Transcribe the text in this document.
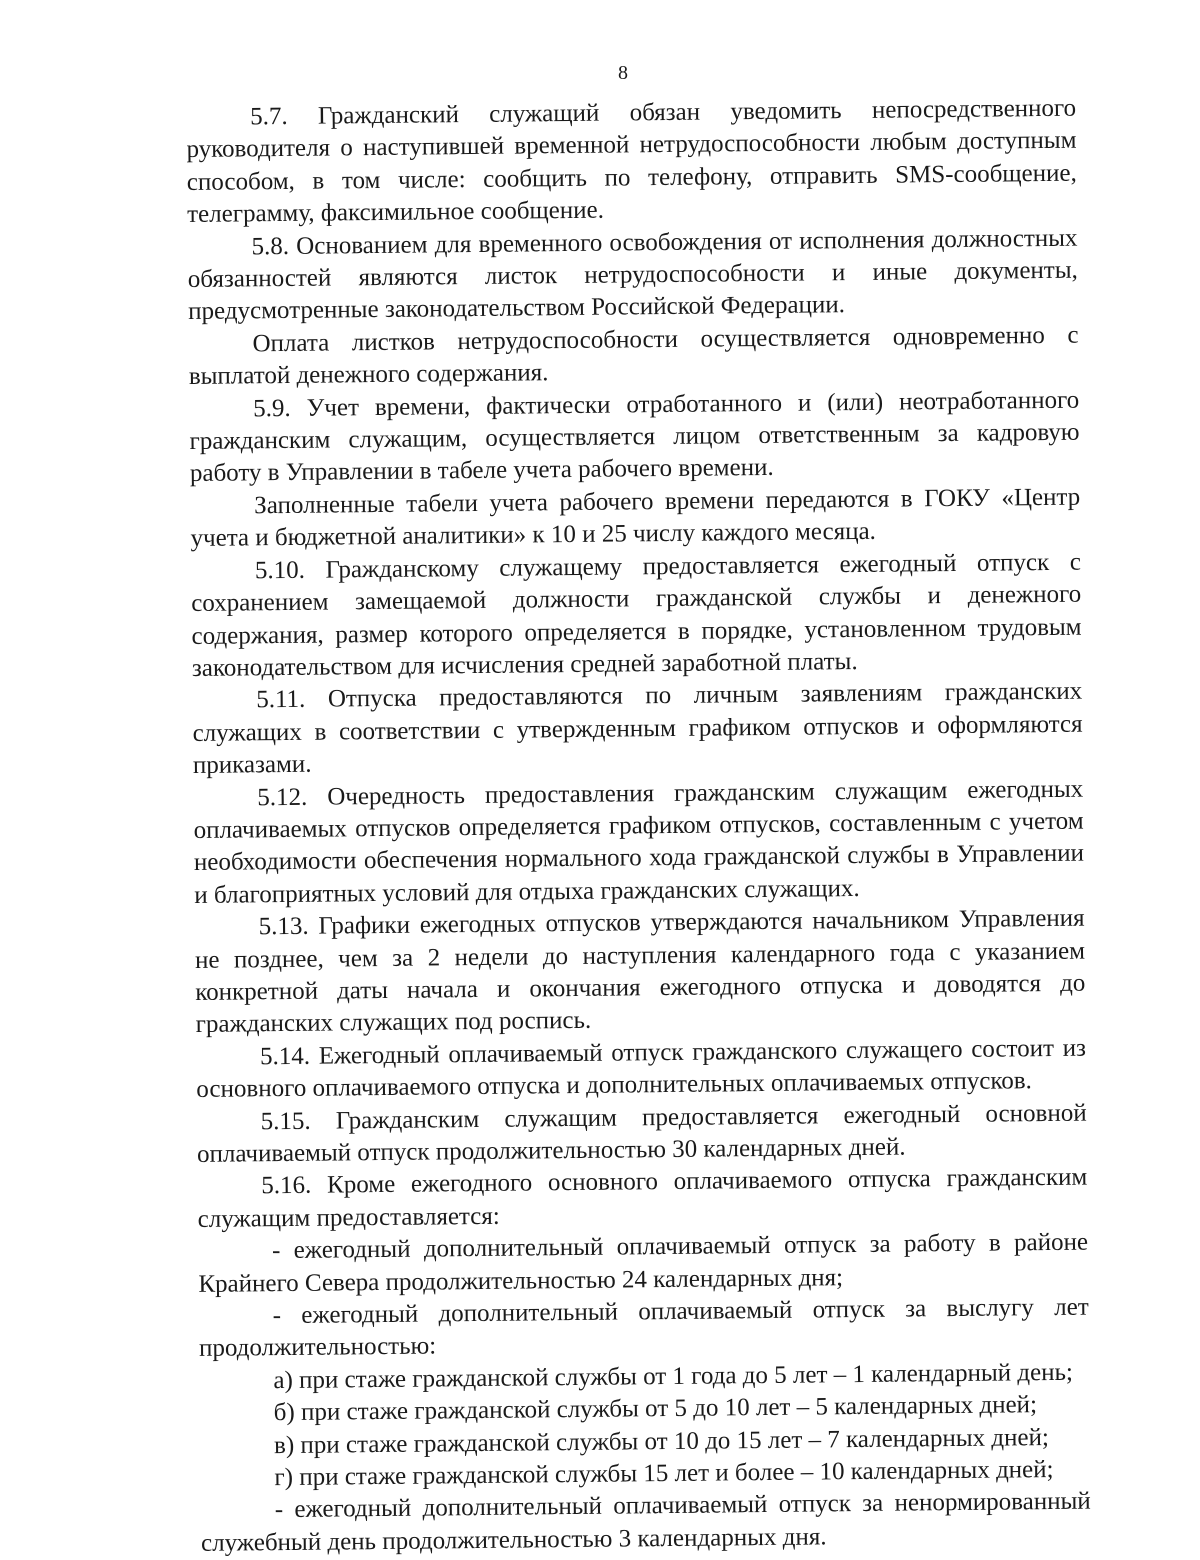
8

5.7. Гражданский служащий обязан уведомить непосредственного руководителя о наступившей временной нетрудоспособности любым доступным способом, в том числе: сообщить по телефону, отправить SMS-сообщение, телеграмму, факсимильное сообщение.

5.8. Основанием для временного освобождения от исполнения должностных обязанностей являются листок нетрудоспособности и иные документы, предусмотренные законодательством Российской Федерации.

Оплата листков нетрудоспособности осуществляется одновременно с выплатой денежного содержания.

5.9. Учет времени, фактически отработанного и (или) неотработанного гражданским служащим, осуществляется лицом ответственным за кадровую работу в Управлении в табеле учета рабочего времени.

Заполненные табели учета рабочего времени передаются в ГОКУ «Центр учета и бюджетной аналитики» к 10 и 25 числу каждого месяца.

5.10. Гражданскому служащему предоставляется ежегодный отпуск с сохранением замещаемой должности гражданской службы и денежного содержания, размер которого определяется в порядке, установленном трудовым законодательством для исчисления средней заработной платы.

5.11. Отпуска предоставляются по личным заявлениям гражданских служащих в соответствии с утвержденным графиком отпусков и оформляются приказами.

5.12. Очередность предоставления гражданским служащим ежегодных оплачиваемых отпусков определяется графиком отпусков, составленным с учетом необходимости обеспечения нормального хода гражданской службы в Управлении и благоприятных условий для отдыха гражданских служащих.

5.13. Графики ежегодных отпусков утверждаются начальником Управления не позднее, чем за 2 недели до наступления календарного года с указанием конкретной даты начала и окончания ежегодного отпуска и доводятся до гражданских служащих под роспись.

5.14. Ежегодный оплачиваемый отпуск гражданского служащего состоит из основного оплачиваемого отпуска и дополнительных оплачиваемых отпусков.

5.15. Гражданским служащим предоставляется ежегодный основной оплачиваемый отпуск продолжительностью 30 календарных дней.

5.16. Кроме ежегодного основного оплачиваемого отпуска гражданским служащим предоставляется:

- ежегодный дополнительный оплачиваемый отпуск за работу в районе Крайнего Севера продолжительностью 24 календарных дня;

- ежегодный дополнительный оплачиваемый отпуск за выслугу лет продолжительностью:

а) при стаже гражданской службы от 1 года до 5 лет – 1 календарный день;

б) при стаже гражданской службы от 5 до 10 лет – 5 календарных дней;

в) при стаже гражданской службы от 10 до 15 лет – 7 календарных дней;

г) при стаже гражданской службы 15 лет и более – 10 календарных дней;

- ежегодный дополнительный оплачиваемый отпуск за ненормированный служебный день продолжительностью 3 календарных дня.
